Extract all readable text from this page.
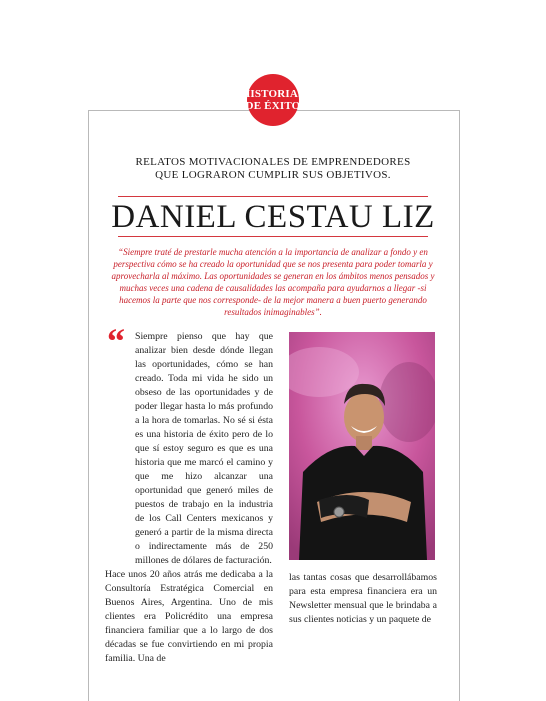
HISTORIAS
DE ÉXITO
RELATOS MOTIVACIONALES DE EMPRENDEDORES
QUE LOGRARON CUMPLIR SUS OBJETIVOS.
DANIEL CESTAU LIZ
“Siempre traté de prestarle mucha atención a la importancia de analizar a fondo y en perspectiva cómo se ha creado la oportunidad que se nos presenta para poder tomarla y aprovecharla al máximo. Las oportunidades se generan en los ámbitos menos pensados y muchas veces una cadena de causalidades las acompaña para ayudarnos a llegar -si hacemos la parte que nos corresponde- de la mejor manera a buen puerto generando resultados inimaginables”.
“	Siempre pienso que hay que analizar bien desde dónde llegan las oportunidades, cómo se han creado. Toda mi vida he sido un obseso de las oportunidades y de poder llegar hasta lo más profundo a la hora de tomarlas. No sé si ésta es una historia de éxito pero de lo que sí estoy seguro es que es una historia que me marcó el camino y que me hizo alcanzar una oportunidad que generó miles de puestos de trabajo en la industria de los Call Centers mexicanos y generó a partir de la misma directa o indirectamente más de 250 millones de dólares de facturación.
Hace unos 20 años atrás me dedicaba a la Consultoría Estratégica Comercial en Buenos Aires, Argentina. Uno de mis clientes era Policrédito una empresa financiera familiar que a lo largo de dos décadas se fue convirtiendo en mi propia familia. Una de
las tantas cosas que desarrollábamos para esta empresa financiera era un Newsletter mensual que le brindaba a sus clientes noticias y un paquete de
